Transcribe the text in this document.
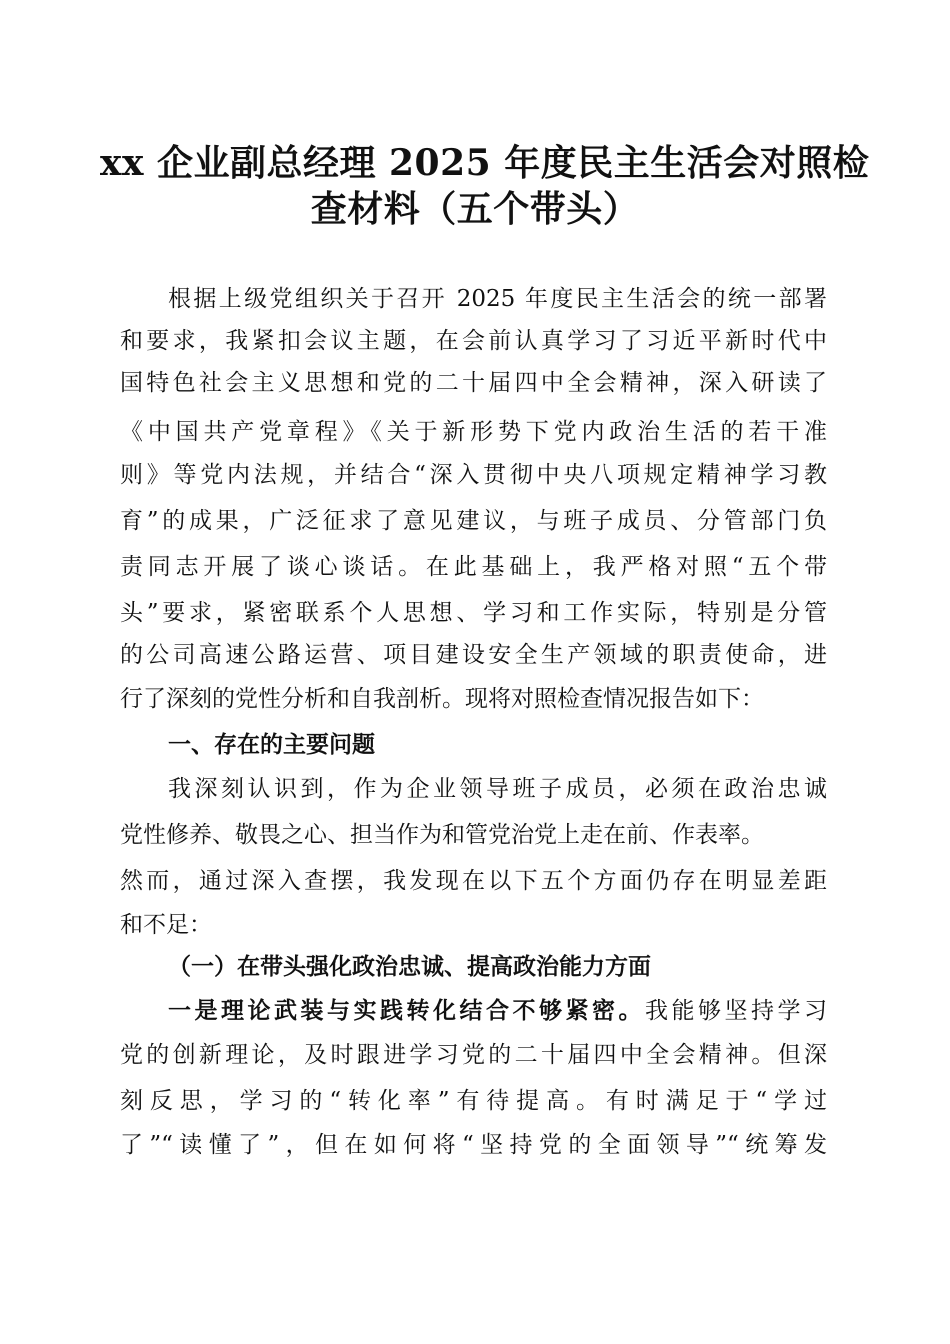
xx 企业副总经理 2025 年度民主生活会对照检
查材料（五个带头）
根据上级党组织关于召开 2025 年度民主生活会的统一部署
和要求，我紧扣会议主题，在会前认真学习了习近平新时代中
国特色社会主义思想和党的二十届四中全会精神，深入研读了
《中国共产党章程》《关于新形势下党内政治生活的若干准
则》等党内法规，并结合“深入贯彻中央八项规定精神学习教
育”的成果，广泛征求了意见建议，与班子成员、分管部门负
责同志开展了谈心谈话。在此基础上，我严格对照“五个带
头”要求，紧密联系个人思想、学习和工作实际，特别是分管
的公司高速公路运营、项目建设安全生产领域的职责使命，进
行了深刻的党性分析和自我剖析。现将对照检查情况报告如下：
一、存在的主要问题
我深刻认识到，作为企业领导班子成员，必须在政治忠诚
党性修养、敬畏之心、担当作为和管党治党上走在前、作表率。
然而，通过深入查摆，我发现在以下五个方面仍存在明显差距
和不足：
（一）在带头强化政治忠诚、提高政治能力方面
一是理论武装与实践转化结合不够紧密。我能够坚持学习
党的创新理论，及时跟进学习党的二十届四中全会精神。但深
刻反思，学习的“转化率”有待提高。有时满足于“学过
了”“读懂了”，但在如何将“坚持党的全面领导”“统筹发
